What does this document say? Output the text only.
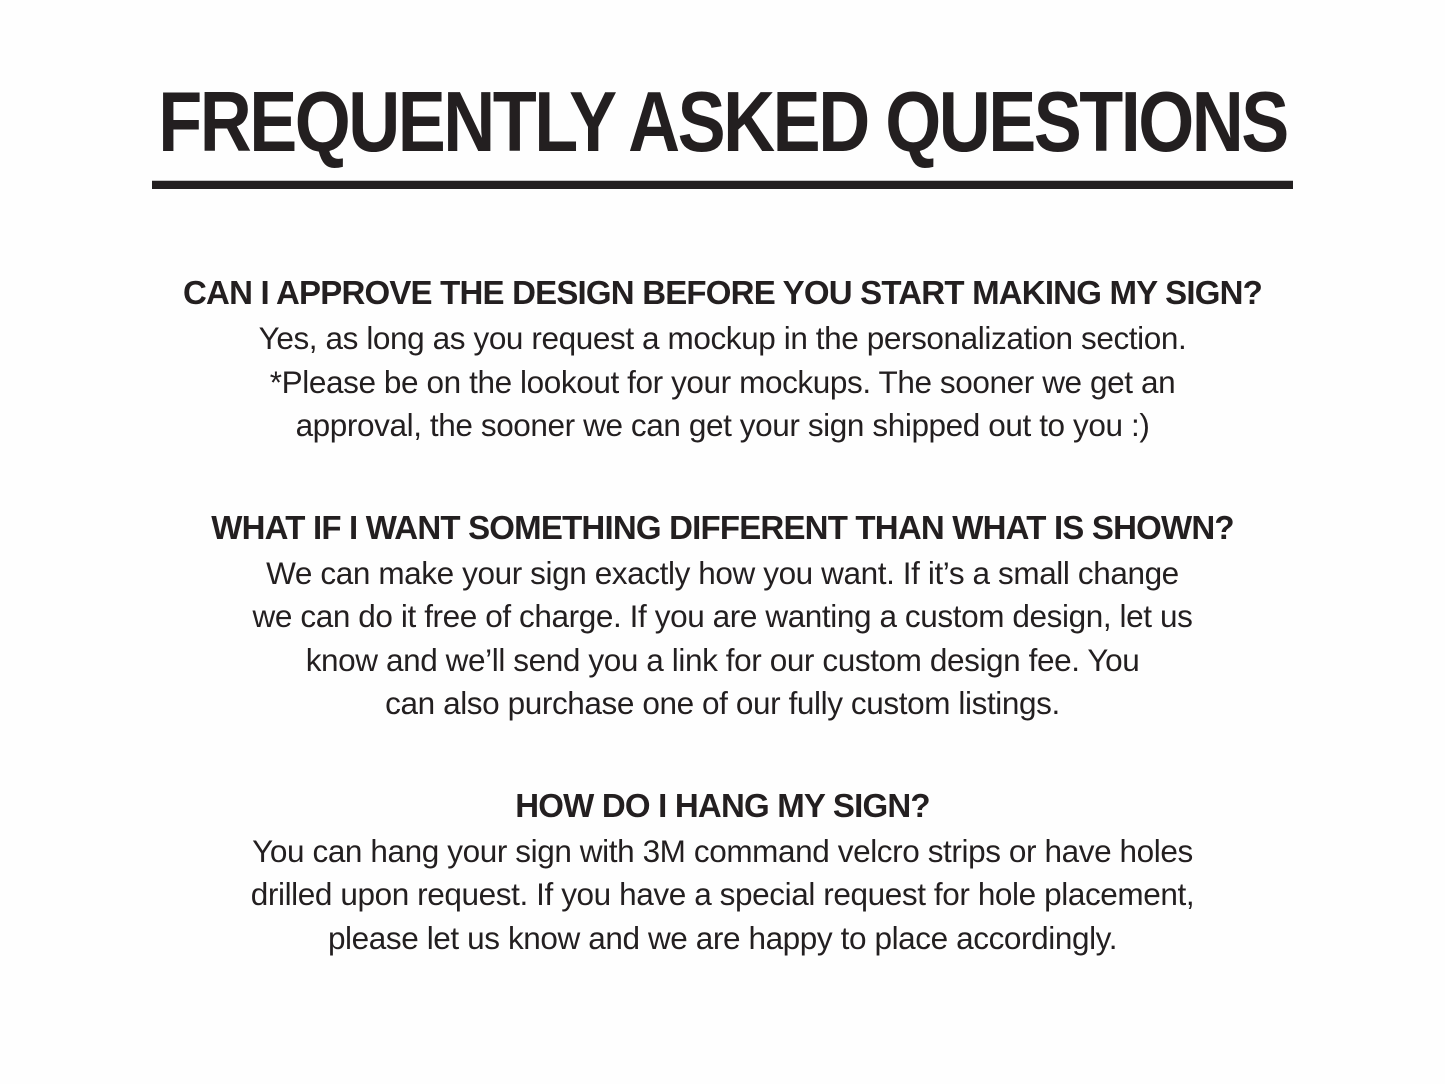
FREQUENTLY ASKED QUESTIONS
CAN I APPROVE THE DESIGN BEFORE YOU START MAKING MY SIGN?
Yes, as long as you request a mockup in the personalization section.
*Please be on the lookout for your mockups. The sooner we get an
approval, the sooner we can get your sign shipped out to you :)
WHAT IF I WANT SOMETHING DIFFERENT THAN WHAT IS SHOWN?
We can make your sign exactly how you want. If it’s a small change
we can do it free of charge. If you are wanting a custom design, let us
know and we’ll send you a link for our custom design fee. You
can also purchase one of our fully custom listings.
HOW DO I HANG MY SIGN?
You can hang your sign with 3M command velcro strips or have holes
drilled upon request. If you have a special request for hole placement,
please let us know and we are happy to place accordingly.
